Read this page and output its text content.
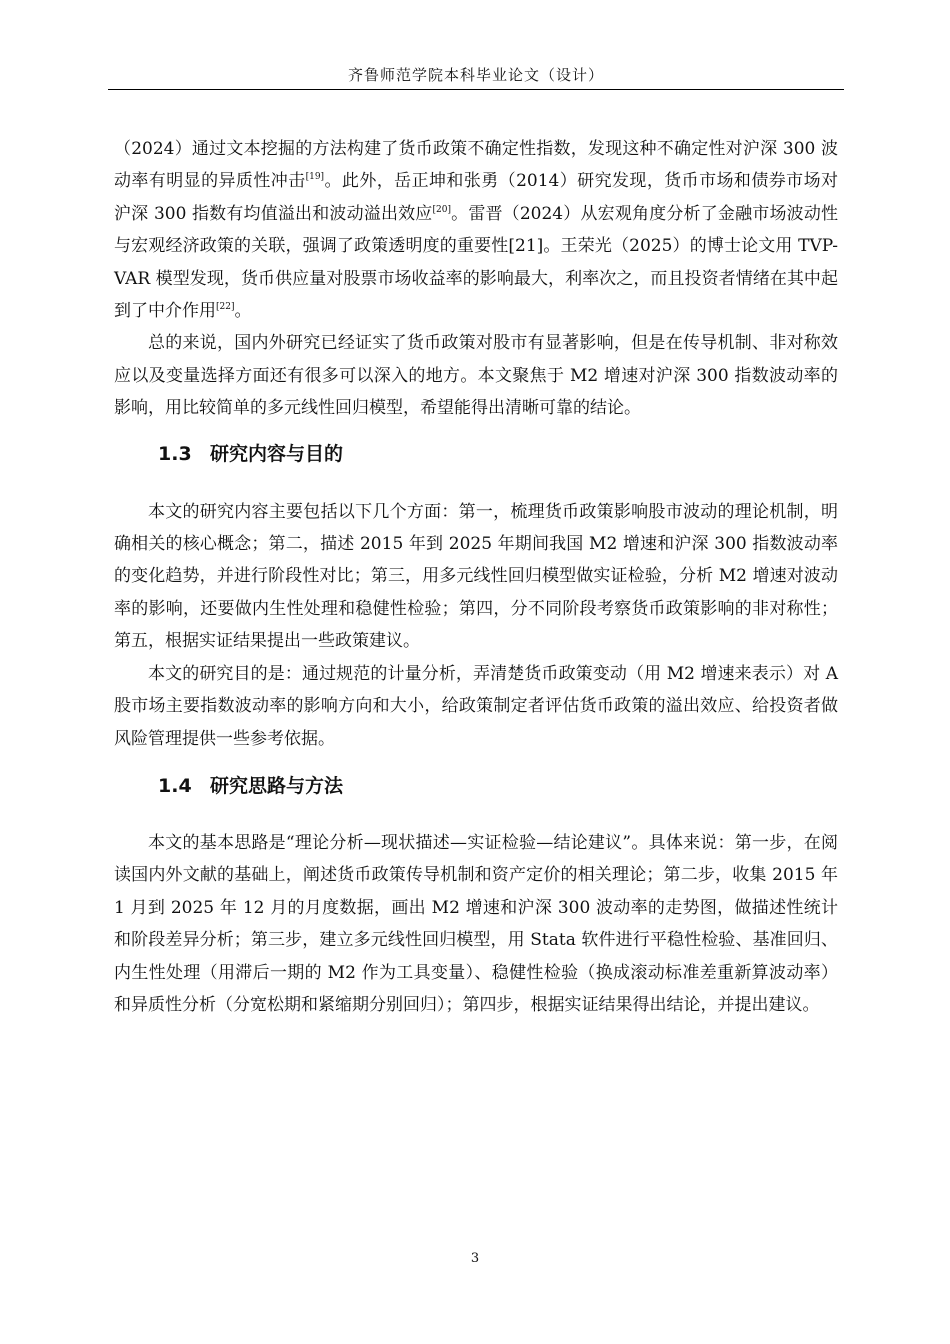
齐鲁师范学院本科毕业论文（设计）

（2024）通过文本挖掘的方法构建了货币政策不确定性指数，发现这种不确定性对沪深 300 波动率有明显的异质性冲击[19]。此外，岳正坤和张勇（2014）研究发现，货币市场和债券市场对沪深 300 指数有均值溢出和波动溢出效应[20]。雷晋（2024）从宏观角度分析了金融市场波动性与宏观经济政策的关联，强调了政策透明度的重要性[21]。王荣光（2025）的博士论文用 TVP-VAR 模型发现，货币供应量对股票市场收益率的影响最大，利率次之，而且投资者情绪在其中起到了中介作用[22]。

总的来说，国内外研究已经证实了货币政策对股市有显著影响，但是在传导机制、非对称效应以及变量选择方面还有很多可以深入的地方。本文聚焦于 M2 增速对沪深 300 指数波动率的影响，用比较简单的多元线性回归模型，希望能得出清晰可靠的结论。

1.3 研究内容与目的

本文的研究内容主要包括以下几个方面：第一，梳理货币政策影响股市波动的理论机制，明确相关的核心概念；第二，描述 2015 年到 2025 年期间我国 M2 增速和沪深 300 指数波动率的变化趋势，并进行阶段性对比；第三，用多元线性回归模型做实证检验，分析 M2 增速对波动率的影响，还要做内生性处理和稳健性检验；第四，分不同阶段考察货币政策影响的非对称性；第五，根据实证结果提出一些政策建议。

本文的研究目的是：通过规范的计量分析，弄清楚货币政策变动（用 M2 增速来表示）对 A 股市场主要指数波动率的影响方向和大小，给政策制定者评估货币政策的溢出效应、给投资者做风险管理提供一些参考依据。

1.4 研究思路与方法

本文的基本思路是“理论分析—现状描述—实证检验—结论建议”。具体来说：第一步，在阅读国内外文献的基础上，阐述货币政策传导机制和资产定价的相关理论；第二步，收集 2015 年 1 月到 2025 年 12 月的月度数据，画出 M2 增速和沪深 300 波动率的走势图，做描述性统计和阶段差异分析；第三步，建立多元线性回归模型，用 Stata 软件进行平稳性检验、基准回归、内生性处理（用滞后一期的 M2 作为工具变量）、稳健性检验（换成滚动标准差重新算波动率）和异质性分析（分宽松期和紧缩期分别回归）；第四步，根据实证结果得出结论，并提出建议。

3
